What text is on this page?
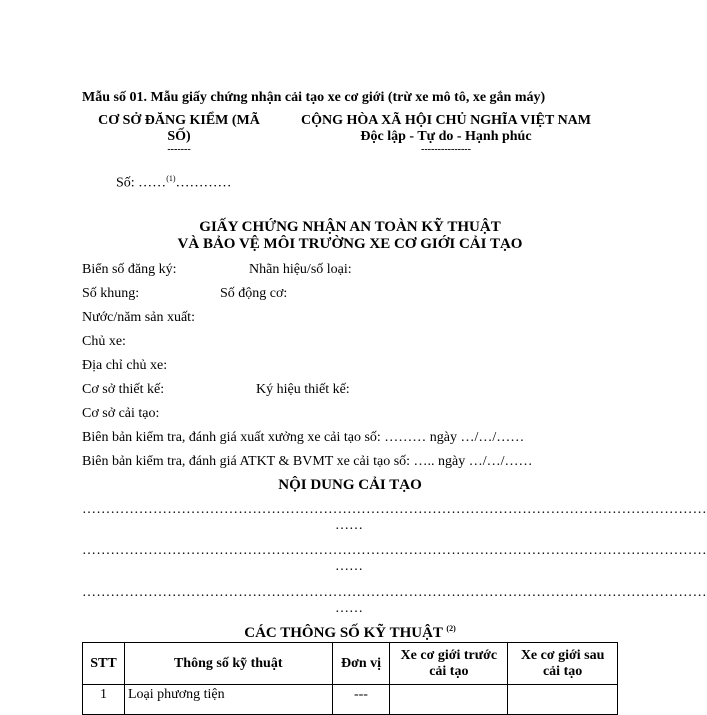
Mẫu số 01. Mẫu giấy chứng nhận cải tạo xe cơ giới (trừ xe mô tô, xe gắn máy)
CƠ SỞ ĐĂNG KIỂM (MÃ
SỐ)
-------
CỘNG HÒA XÃ HỘI CHỦ NGHĨA VIỆT NAM
Độc lập - Tự do - Hạnh phúc
---------------
Số: ……$^{(1)}$…………
GIẤY CHỨNG NHẬN AN TOÀN KỸ THUẬT
VÀ BẢO VỆ MÔI TRƯỜNG XE CƠ GIỚI CẢI TẠO
Biển số đăng ký:	Nhãn hiệu/số loại:
Số khung:	Số động cơ:
Nước/năm sản xuất:
Chủ xe:
Địa chỉ chủ xe:
Cơ sở thiết kế:	Ký hiệu thiết kế:
Cơ sở cải tạo:
Biên bản kiểm tra, đánh giá xuất xưởng xe cải tạo số: ……… ngày …/…/……
Biên bản kiểm tra, đánh giá ATKT & BVMT xe cải tạo số: ….. ngày …/…/……
NỘI DUNG CẢI TẠO
……………………………………………………………………………………………………………………
……
……………………………………………………………………………………………………………………
……
……………………………………………………………………………………………………………………
……
CÁC THÔNG SỐ KỸ THUẬT $^{(2)}$
STT	Thông số kỹ thuật	Đơn vị	Xe cơ giới trước cải tạo	Xe cơ giới sau cải tạo
1	Loại phương tiện	---		
